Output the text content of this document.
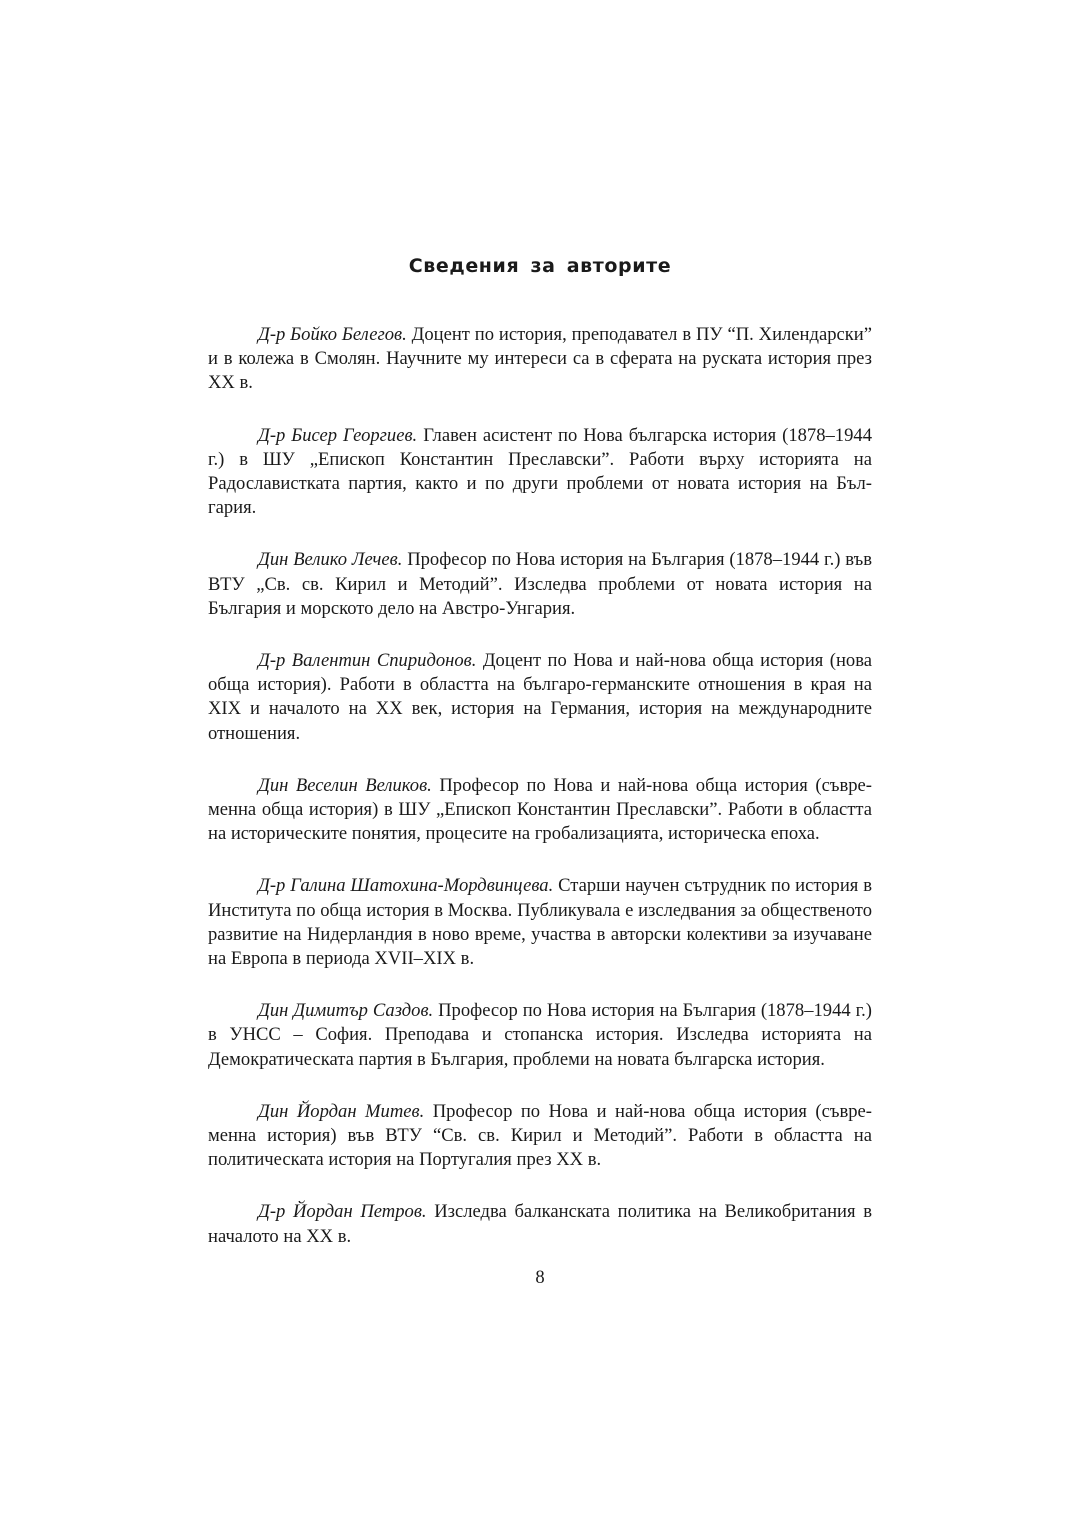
Сведения за авторите

Д-р Бойко Белегов. Доцент по история, преподавател в ПУ “П. Хилендарски” и в колежа в Смолян. Научните му интереси са в сферата на руската история през XX в.

Д-р Бисер Георгиев. Главен асистент по Нова българска история (1878–1944 г.) в ШУ „Епископ Константин Преславски”. Работи върху историята на Радославистката партия, както и по други проблеми от новата история на България.

Дин Велико Лечев. Професор по Нова история на България (1878–1944 г.) във ВТУ „Св. св. Кирил и Методий”. Изследва проблеми от новата история на България и морското дело на Австро-Унгария.

Д-р Валентин Спиридонов. Доцент по Нова и най-нова обща история (нова обща история). Работи в областта на българо-германските отношения в края на XIX и началото на XX век, история на Германия, история на международните отношения.

Дин Веселин Великов. Професор по Нова и най-нова обща история (съвременна обща история) в ШУ „Епископ Константин Преславски”. Работи в областта на историческите понятия, процесите на гробализацията, историческа епоха.

Д-р Галина Шатохина-Мордвинцева. Старши научен сътрудник по история в Института по обща история в Москва. Публикувала е изследвания за общественото развитие на Нидерландия в ново време, участва в авторски колективи за изучаване на Европа в периода XVII–XIX в.

Дин Димитър Саздов. Професор по Нова история на България (1878–1944 г.) в УНСС – София. Преподава и стопанска история. Изследва историята на Демократическата партия в България, проблеми на новата българска история.

Дин Йордан Митев. Професор по Нова и най-нова обща история (съвременна история) във ВТУ “Св. св. Кирил и Методий”. Работи в областта на политическата история на Португалия през XX в.

Д-р Йордан Петров. Изследва балканската политика на Великобритания в началото на XX в.

8
